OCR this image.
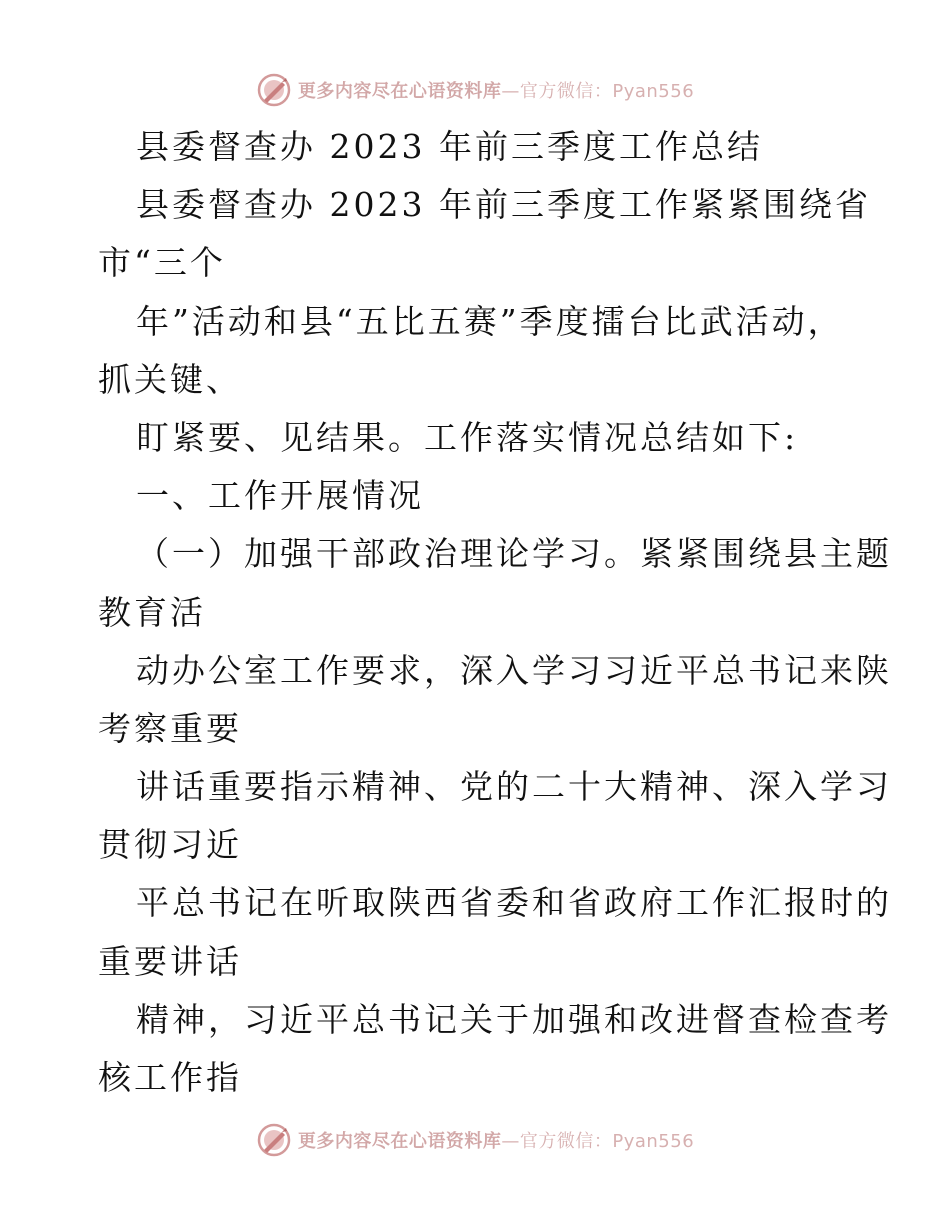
更多内容尽在心语资料库—官方微信：Pyan556
县委督查办 2023 年前三季度工作总结
县委督查办 2023 年前三季度工作紧紧围绕省
市“三个
年”活动和县“五比五赛”季度擂台比武活动，
抓关键、
盯紧要、见结果。工作落实情况总结如下:
一、工作开展情况
（一）加强干部政治理论学习。紧紧围绕县主题
教育活
动办公室工作要求，深入学习习近平总书记来陕
考察重要
讲话重要指示精神、党的二十大精神、深入学习
贯彻习近
平总书记在听取陕西省委和省政府工作汇报时的
重要讲话
精神，习近平总书记关于加强和改进督查检查考
核工作指
更多内容尽在心语资料库—官方微信：Pyan556
